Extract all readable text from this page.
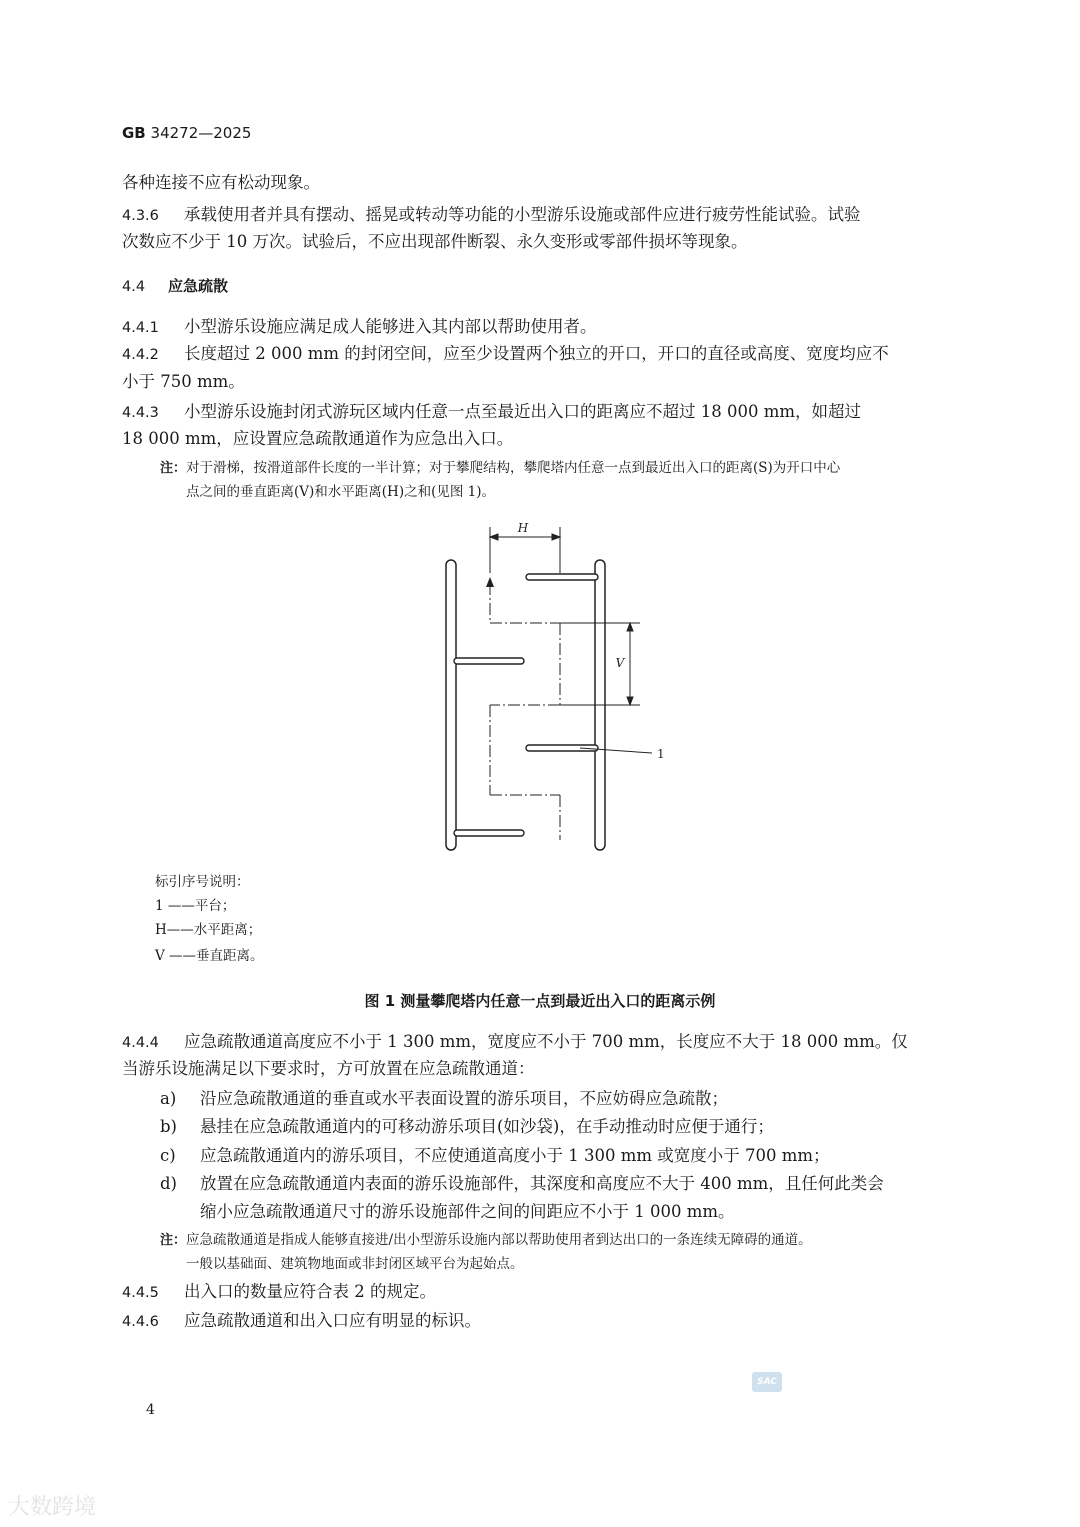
GB 34272—2025
各种连接不应有松动现象。
4.3.6 承载使用者并具有摆动、摇晃或转动等功能的小型游乐设施或部件应进行疲劳性能试验。试验
次数应不少于 10 万次。试验后，不应出现部件断裂、永久变形或零部件损坏等现象。
4.4 应急疏散
4.4.1 小型游乐设施应满足成人能够进入其内部以帮助使用者。
4.4.2 长度超过 2 000 mm 的封闭空间，应至少设置两个独立的开口，开口的直径或高度、宽度均应不
小于 750 mm。
4.4.3 小型游乐设施封闭式游玩区域内任意一点至最近出入口的距离应不超过 18 000 mm，如超过
18 000 mm，应设置应急疏散通道作为应急出入口。
注：对于滑梯，按滑道部件长度的一半计算；对于攀爬结构，攀爬塔内任意一点到最近出入口的距离(S)为开口中心
点之间的垂直距离(V)和水平距离(H)之和(见图 1)。
H
V
1
标引序号说明：
1 ——平台；
H——水平距离；
V ——垂直距离。
图 1 测量攀爬塔内任意一点到最近出入口的距离示例
4.4.4 应急疏散通道高度应不小于 1 300 mm，宽度应不小于 700 mm，长度应不大于 18 000 mm。仅
当游乐设施满足以下要求时，方可放置在应急疏散通道：
a) 沿应急疏散通道的垂直或水平表面设置的游乐项目，不应妨碍应急疏散；
b) 悬挂在应急疏散通道内的可移动游乐项目(如沙袋)，在手动推动时应便于通行；
c) 应急疏散通道内的游乐项目，不应使通道高度小于 1 300 mm 或宽度小于 700 mm；
d) 放置在应急疏散通道内表面的游乐设施部件，其深度和高度应不大于 400 mm，且任何此类会
缩小应急疏散通道尺寸的游乐设施部件之间的间距应不小于 1 000 mm。
注：应急疏散通道是指成人能够直接进/出小型游乐设施内部以帮助使用者到达出口的一条连续无障碍的通道。
一般以基础面、建筑物地面或非封闭区域平台为起始点。
4.4.5 出入口的数量应符合表 2 的规定。
4.4.6 应急疏散通道和出入口应有明显的标识。
SAC
4
大数跨境
